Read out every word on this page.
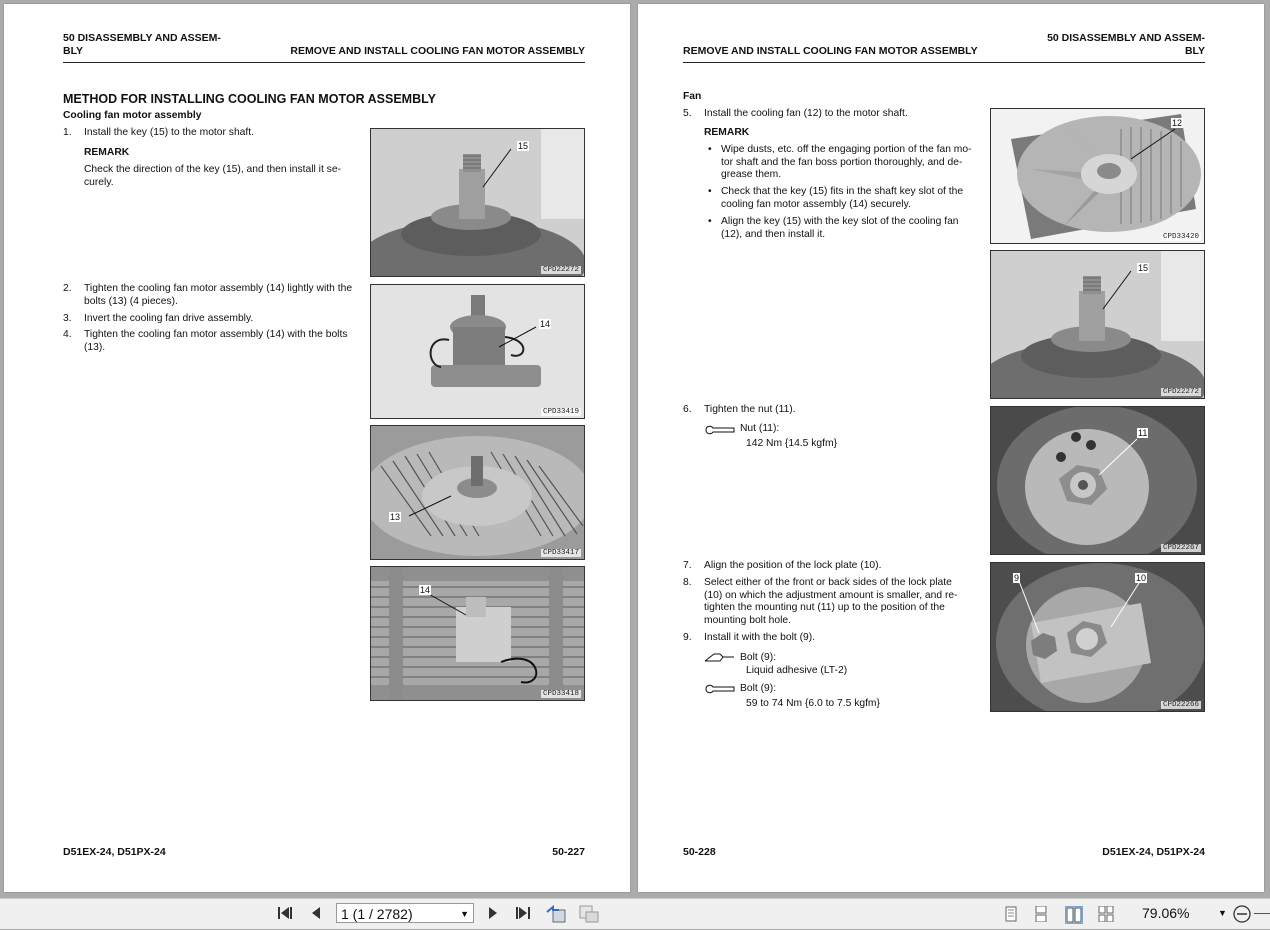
50 DISASSEMBLY AND ASSEM-
BLY	REMOVE AND INSTALL COOLING FAN MOTOR ASSEMBLY
METHOD FOR INSTALLING COOLING FAN MOTOR ASSEMBLY
Cooling fan motor assembly
1. Install the key (15) to the motor shaft.
REMARK
Check the direction of the key (15), and then install it se-
curely.
2. Tighten the cooling fan motor assembly (14) lightly with the
bolts (13) (4 pieces).
3. Invert the cooling fan drive assembly.
4. Tighten the cooling fan motor assembly (14) with the bolts
(13).
15
CPD22272
14
CPD33419
13
CPD33417
14
CPD33418
D51EX-24, D51PX-24	50-227
REMOVE AND INSTALL COOLING FAN MOTOR ASSEMBLY
50 DISASSEMBLY AND ASSEM-
BLY
Fan
5. Install the cooling fan (12) to the motor shaft.
REMARK
• Wipe dusts, etc. off the engaging portion of the fan mo-
tor shaft and the fan boss portion thoroughly, and de-
grease them.
• Check that the key (15) fits in the shaft key slot of the
cooling fan motor assembly (14) securely.
• Align the key (15) with the key slot of the cooling fan
(12), and then install it.
6. Tighten the nut (11).
Nut (11):
142 Nm {14.5 kgfm}
7. Align the position of the lock plate (10).
8. Select either of the front or back sides of the lock plate
(10) on which the adjustment amount is smaller, and re-
tighten the mounting nut (11) up to the position of the
mounting bolt hole.
9. Install it with the bolt (9).
Bolt (9):
Liquid adhesive (LT-2)
Bolt (9):
59 to 74 Nm {6.0 to 7.5 kgfm}
12
CPD33420
15
CPD22272
11
CPD22267
9	10
CPD22266
50-228	D51EX-24, D51PX-24
1 (1 / 2782)	▼	79.06%	▼
